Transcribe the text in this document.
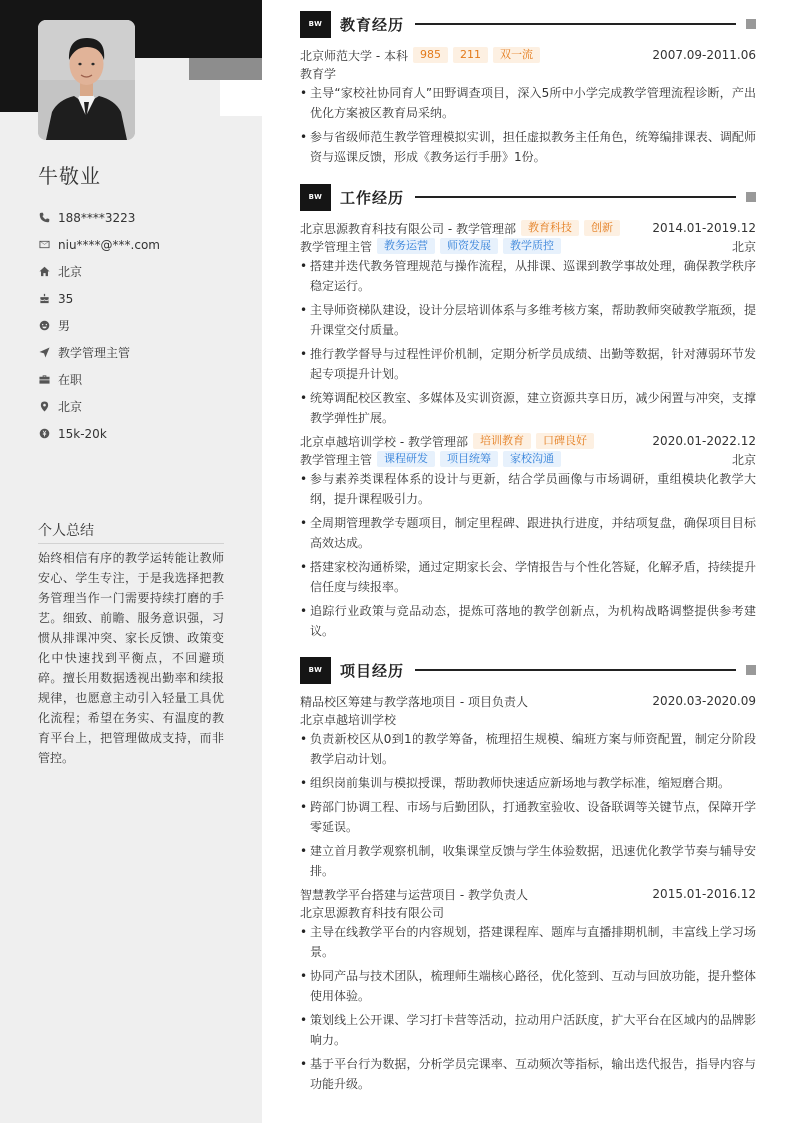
牛敬业
188****3223
niu****@***.com
北京
35
男
教学管理主管
在职
北京
15k-20k
个人总结
始终相信有序的教学运转能让教师安心、学生专注，于是我选择把教务管理当作一门需要持续打磨的手艺。细致、前瞻、服务意识强，习惯从排课冲突、家长反馈、政策变化中快速找到平衡点，不回避琐碎。擅长用数据透视出勤率和续报规律，也愿意主动引入轻量工具优化流程；希望在务实、有温度的教育平台上，把管理做成支持，而非管控。
BW	教育经历
北京师范大学 - 本科	985	211	双一流	2007.09-2011.06
教育学
• 主导“家校社协同育人”田野调查项目，深入5所中小学完成教学管理流程诊断，产出优化方案被区教育局采纳。
• 参与省级师范生教学管理模拟实训，担任虚拟教务主任角色，统筹编排课表、调配师资与巡课反馈，形成《教务运行手册》1份。
BW	工作经历
北京思源教育科技有限公司 - 教学管理部	教育科技	创新	2014.01-2019.12
教学管理主管	教务运营	师资发展	教学质控	北京
• 搭建并迭代教务管理规范与操作流程，从排课、巡课到教学事故处理，确保教学秩序稳定运行。
• 主导师资梯队建设，设计分层培训体系与多维考核方案，帮助教师突破教学瓶颈，提升课堂交付质量。
• 推行教学督导与过程性评价机制，定期分析学员成绩、出勤等数据，针对薄弱环节发起专项提升计划。
• 统筹调配校区教室、多媒体及实训资源，建立资源共享日历，减少闲置与冲突，支撑教学弹性扩展。
北京卓越培训学校 - 教学管理部	培训教育	口碑良好	2020.01-2022.12
教学管理主管	课程研发	项目统筹	家校沟通	北京
• 参与素养类课程体系的设计与更新，结合学员画像与市场调研，重组模块化教学大纲，提升课程吸引力。
• 全周期管理教学专题项目，制定里程碑、跟进执行进度，并结项复盘，确保项目目标高效达成。
• 搭建家校沟通桥梁，通过定期家长会、学情报告与个性化答疑，化解矛盾，持续提升信任度与续报率。
• 追踪行业政策与竞品动态，提炼可落地的教学创新点，为机构战略调整提供参考建议。
BW	项目经历
精品校区筹建与教学落地项目 - 项目负责人	2020.03-2020.09
北京卓越培训学校
• 负责新校区从0到1的教学筹备，梳理招生规模、编班方案与师资配置，制定分阶段教学启动计划。
• 组织岗前集训与模拟授课，帮助教师快速适应新场地与教学标准，缩短磨合期。
• 跨部门协调工程、市场与后勤团队，打通教室验收、设备联调等关键节点，保障开学零延误。
• 建立首月教学观察机制，收集课堂反馈与学生体验数据，迅速优化教学节奏与辅导安排。
智慧教学平台搭建与运营项目 - 教学负责人	2015.01-2016.12
北京思源教育科技有限公司
• 主导在线教学平台的内容规划，搭建课程库、题库与直播排期机制，丰富线上学习场景。
• 协同产品与技术团队，梳理师生端核心路径，优化签到、互动与回放功能，提升整体使用体验。
• 策划线上公开课、学习打卡营等活动，拉动用户活跃度，扩大平台在区域内的品牌影响力。
• 基于平台行为数据，分析学员完课率、互动频次等指标，输出迭代报告，指导内容与功能升级。
